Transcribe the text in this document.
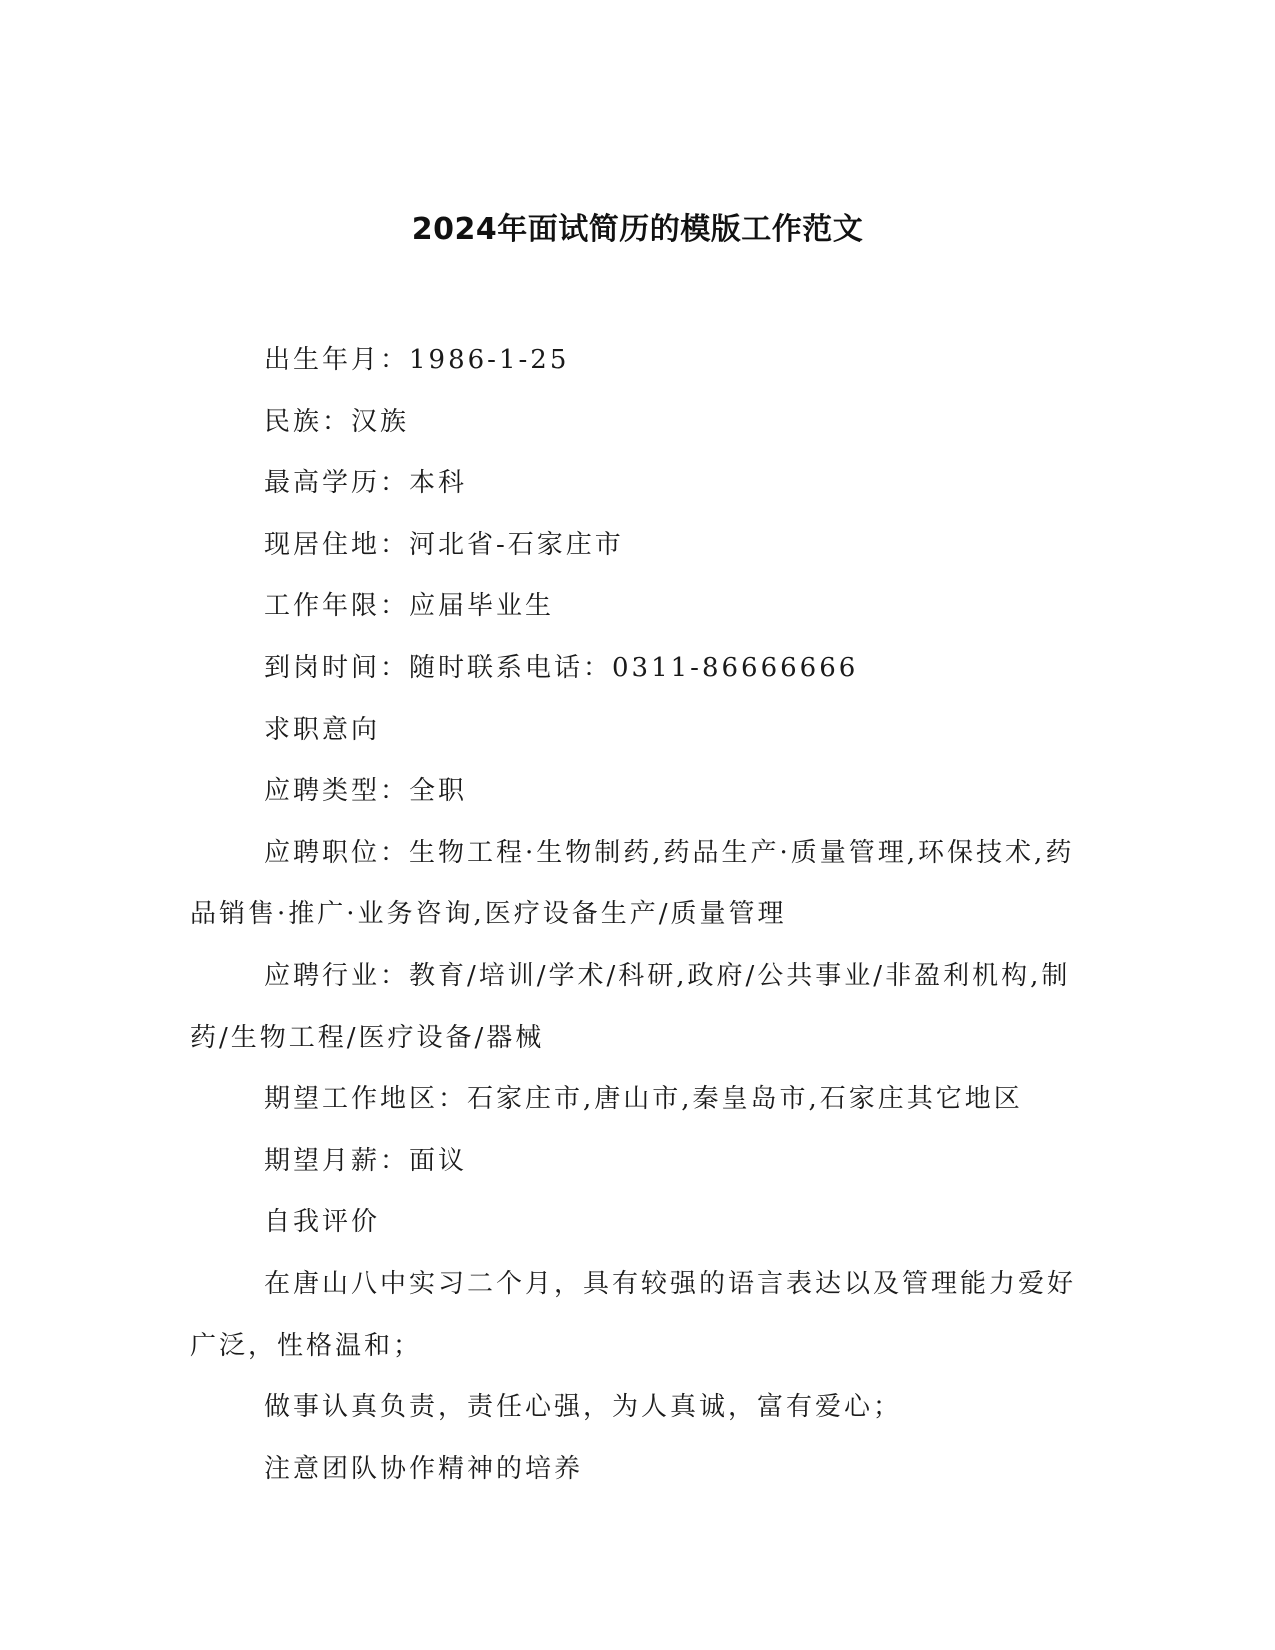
2024年面试简历的模版工作范文

出生年月：1986-1-25

民族：汉族

最高学历：本科

现居住地：河北省-石家庄市

工作年限：应届毕业生

到岗时间：随时联系电话：0311-86666666

求职意向

应聘类型：全职

应聘职位：生物工程·生物制药,药品生产·质量管理,环保技术,药品销售·推广·业务咨询,医疗设备生产/质量管理

应聘行业：教育/培训/学术/科研,政府/公共事业/非盈利机构,制药/生物工程/医疗设备/器械

期望工作地区：石家庄市,唐山市,秦皇岛市,石家庄其它地区

期望月薪：面议

自我评价

在唐山八中实习二个月，具有较强的语言表达以及管理能力爱好广泛，性格温和；

做事认真负责，责任心强，为人真诚，富有爱心；

注意团队协作精神的培养
